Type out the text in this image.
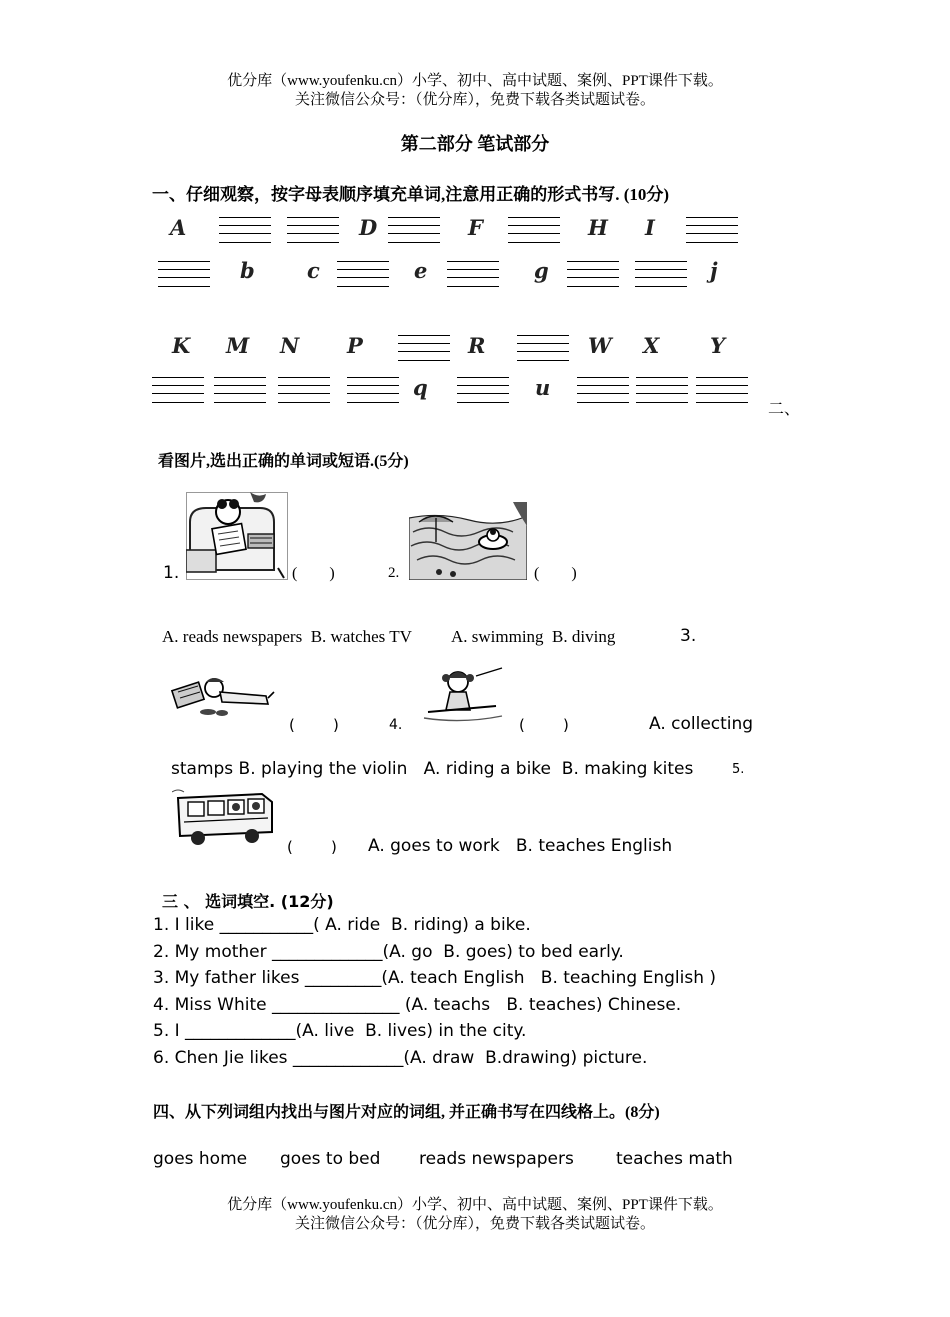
优分库（www.youfenku.cn）小学、初中、高中试题、案例、PPT课件下载。
关注微信公众号：（优分库），免费下载各类试题试卷。
第二部分 笔试部分
一、仔细观察，按字母表顺序填充单词,注意用正确的形式书写. (10分)
A	D	F	H I
b c	e	g	j
K M N P	R	W X Y
q	u
二、
看图片,选出正确的单词或短语.(5分)
1.	(        )	2.	(        )
A. reads newspapers  B. watches TV A. swimming  B. diving	3.
(        )	4.	(        )	A. collecting
stamps B. playing the violin   A. riding a bike  B. making kites	5.
(        ) A. goes to work   B. teaches English
三 、 选词填空. (12分)
1. I like ___________( A. ride  B. riding) a bike.
2. My mother _____________(A. go  B. goes) to bed early.
3. My father likes _________(A. teach English   B. teaching English )
4. Miss White _______________ (A. teachs   B. teaches) Chinese.
5. I _____________(A. live  B. lives) in the city.
6. Chen Jie likes _____________(A. draw  B.drawing) picture.
四、从下列词组内找出与图片对应的词组, 并正确书写在四线格上。(8分)
goes home goes to bed reads newspapers teaches math
优分库（www.youfenku.cn）小学、初中、高中试题、案例、PPT课件下载。
关注微信公众号：（优分库），免费下载各类试题试卷。
